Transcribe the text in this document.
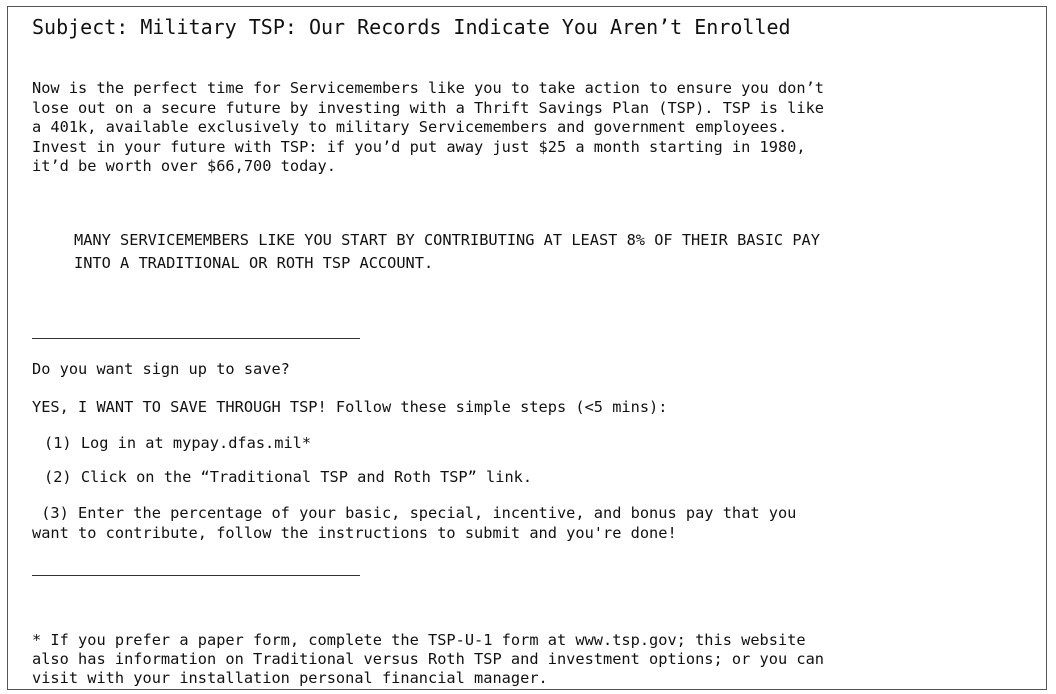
Subject: Military TSP: Our Records Indicate You Aren’t Enrolled
Now is the perfect time for Servicemembers like you to take action to ensure you don’t
lose out on a secure future by investing with a Thrift Savings Plan (TSP). TSP is like
a 401k, available exclusively to military Servicemembers and government employees.
Invest in your future with TSP: if you’d put away just $25 a month starting in 1980,
it’d be worth over $66,700 today.
MANY SERVICEMEMBERS LIKE YOU START BY CONTRIBUTING AT LEAST 8% OF THEIR BASIC PAY
INTO A TRADITIONAL OR ROTH TSP ACCOUNT.
Do you want sign up to save?
YES, I WANT TO SAVE THROUGH TSP! Follow these simple steps (<5 mins):
(1) Log in at mypay.dfas.mil*
(2) Click on the “Traditional TSP and Roth TSP” link.
(3) Enter the percentage of your basic, special, incentive, and bonus pay that you
want to contribute, follow the instructions to submit and you're done!
* If you prefer a paper form, complete the TSP-U-1 form at www.tsp.gov; this website
also has information on Traditional versus Roth TSP and investment options; or you can
visit with your installation personal financial manager.
